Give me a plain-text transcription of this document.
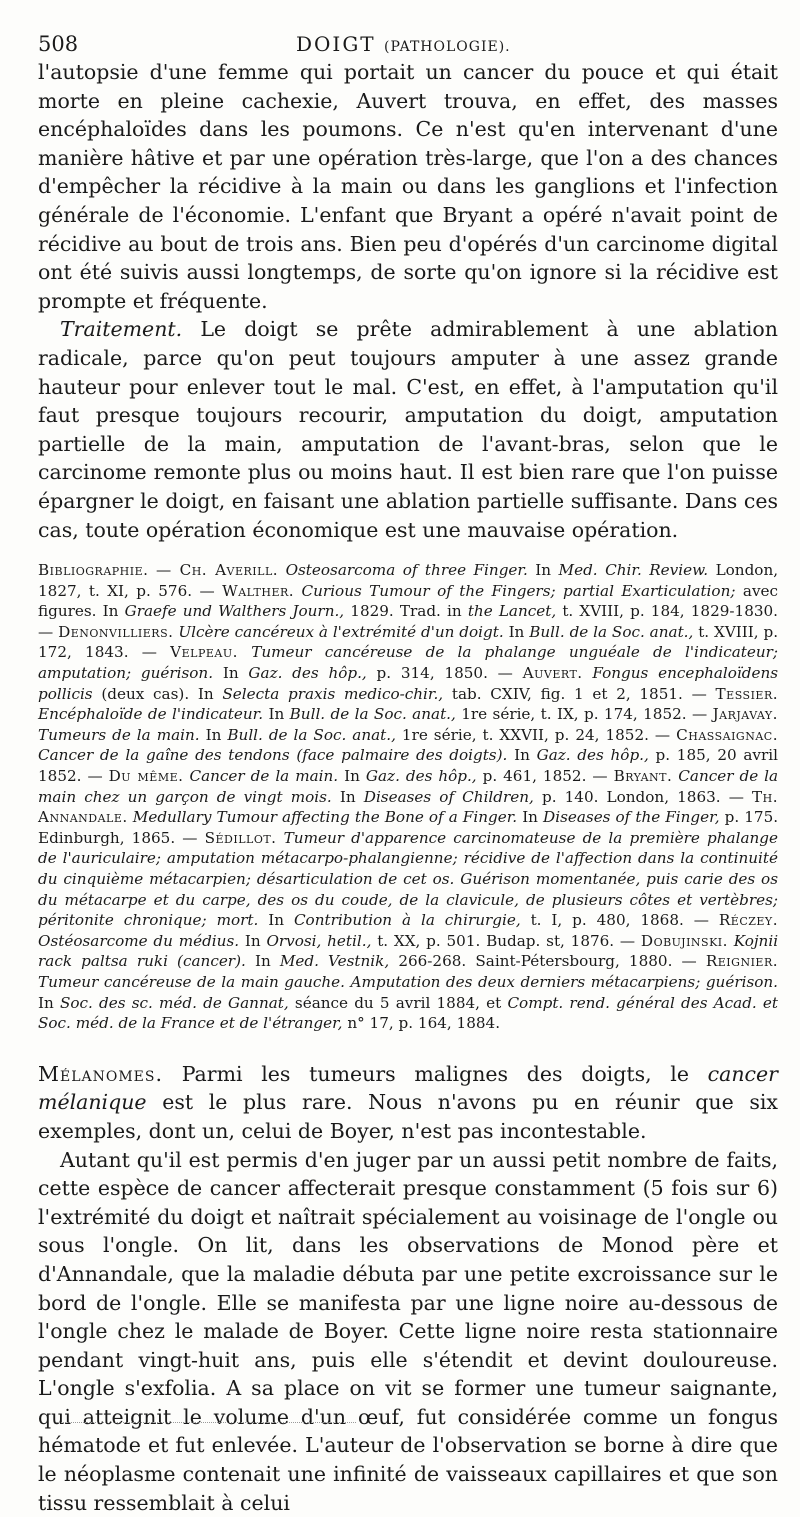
508	DOIGT (PATHOLOGIE).

l'autopsie d'une femme qui portait un cancer du pouce et qui était morte en pleine cachexie, Auvert trouva, en effet, des masses encéphaloïdes dans les poumons. Ce n'est qu'en intervenant d'une manière hâtive et par une opération très-large, que l'on a des chances d'empêcher la récidive à la main ou dans les ganglions et l'infection générale de l'économie. L'enfant que Bryant a opéré n'avait point de récidive au bout de trois ans. Bien peu d'opérés d'un carcinome digital ont été suivis aussi longtemps, de sorte qu'on ignore si la récidive est prompte et fréquente.

Traitement. Le doigt se prête admirablement à une ablation radicale, parce qu'on peut toujours amputer à une assez grande hauteur pour enlever tout le mal. C'est, en effet, à l'amputation qu'il faut presque toujours recourir, amputation du doigt, amputation partielle de la main, amputation de l'avant-bras, selon que le carcinome remonte plus ou moins haut. Il est bien rare que l'on puisse épargner le doigt, en faisant une ablation partielle suffisante. Dans ces cas, toute opération économique est une mauvaise opération.

Bibliographie. — Ch. Averill. Osteosarcoma of three Finger. In Med. Chir. Review. London, 1827, t. XI, p. 576. — Walther. Curious Tumour of the Fingers; partial Exarticulation; avec figures. In Graefe und Walthers Journ., 1829. Trad. in the Lancet, t. XVIII, p. 184, 1829-1830. — Denonvilliers. Ulcère cancéreux à l'extrémité d'un doigt. In Bull. de la Soc. anat., t. XVIII, p. 172, 1843. — Velpeau. Tumeur cancéreuse de la phalange unguéale de l'indicateur; amputation; guérison. In Gaz. des hôp., p. 314, 1850. — Auvert. Fongus encephaloïdens pollicis (deux cas). In Selecta praxis medico-chir., tab. CXIV, fig. 1 et 2, 1851. — Tessier. Encéphaloïde de l'indicateur. In Bull. de la Soc. anat., 1re série, t. IX, p. 174, 1852. — Jarjavay. Tumeurs de la main. In Bull. de la Soc. anat., 1re série, t. XXVII, p. 24, 1852. — Chassaignac. Cancer de la gaîne des tendons (face palmaire des doigts). In Gaz. des hôp., p. 185, 20 avril 1852. — Du même. Cancer de la main. In Gaz. des hôp., p. 461, 1852. — Bryant. Cancer de la main chez un garçon de vingt mois. In Diseases of Children, p. 140. London, 1863. — Th. Annandale. Medullary Tumour affecting the Bone of a Finger. In Diseases of the Finger, p. 175. Edinburgh, 1865. — Sédillot. Tumeur d'apparence carcinomateuse de la première phalange de l'auriculaire; amputation métacarpo-phalangienne; récidive de l'affection dans la continuité du cinquième métacarpien; désarticulation de cet os. Guérison momentanée, puis carie des os du métacarpe et du carpe, des os du coude, de la clavicule, de plusieurs côtes et vertèbres; péritonite chronique; mort. In Contribution à la chirurgie, t. I, p. 480, 1868. — Réczey. Ostéosarcome du médius. In Orvosi, hetil., t. XX, p. 501. Budap. st, 1876. — Dobujinski. Kojnii rack paltsa ruki (cancer). In Med. Vestnik, 266-268. Saint-Pétersbourg, 1880. — Reignier. Tumeur cancéreuse de la main gauche. Amputation des deux derniers métacarpiens; guérison. In Soc. des sc. méd. de Gannat, séance du 5 avril 1884, et Compt. rend. général des Acad. et Soc. méd. de la France et de l'étranger, n° 17, p. 164, 1884.

Mélanomes. Parmi les tumeurs malignes des doigts, le cancer mélanique est le plus rare. Nous n'avons pu en réunir que six exemples, dont un, celui de Boyer, n'est pas incontestable.

Autant qu'il est permis d'en juger par un aussi petit nombre de faits, cette espèce de cancer affecterait presque constamment (5 fois sur 6) l'extrémité du doigt et naîtrait spécialement au voisinage de l'ongle ou sous l'ongle. On lit, dans les observations de Monod père et d'Annandale, que la maladie débuta par une petite excroissance sur le bord de l'ongle. Elle se manifesta par une ligne noire au-dessous de l'ongle chez le malade de Boyer. Cette ligne noire resta stationnaire pendant vingt-huit ans, puis elle s'étendit et devint douloureuse. L'ongle s'exfolia. A sa place on vit se former une tumeur saignante, qui atteignit le volume d'un œuf, fut considérée comme un fongus hématode et fut enlevée. L'auteur de l'observation se borne à dire que le néoplasme contenait une infinité de vaisseaux capillaires et que son tissu ressemblait à celui
